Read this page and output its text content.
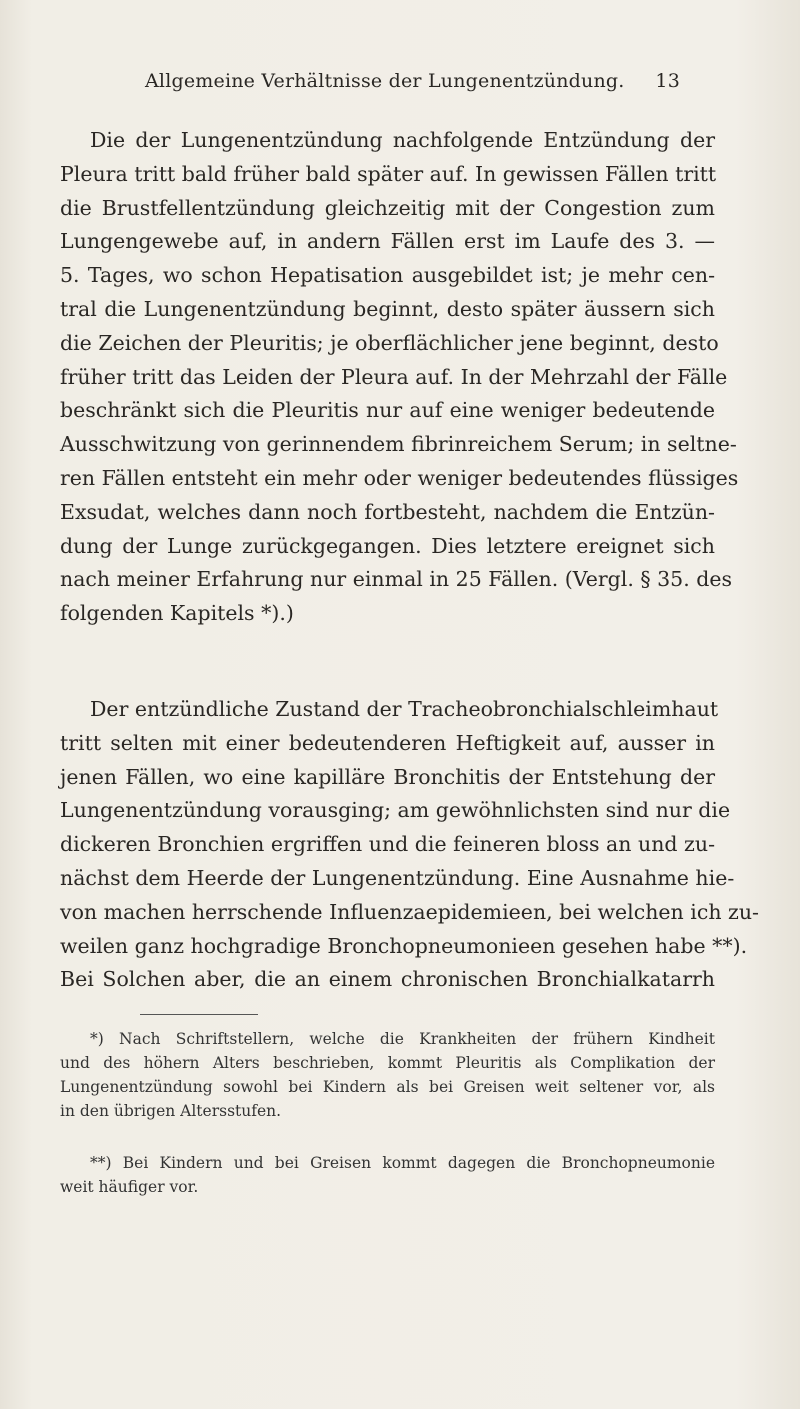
Allgemeine Verhältnisse der Lungenentzündung. 13
Die der Lungenentzündung nachfolgende Entzündung der
Pleura tritt bald früher bald später auf. In gewissen Fällen tritt
die Brustfellentzündung gleichzeitig mit der Congestion zum
Lungengewebe auf, in andern Fällen erst im Laufe des 3. —
5. Tages, wo schon Hepatisation ausgebildet ist; je mehr cen-
tral die Lungenentzündung beginnt, desto später äussern sich
die Zeichen der Pleuritis; je oberflächlicher jene beginnt, desto
früher tritt das Leiden der Pleura auf. In der Mehrzahl der Fälle
beschränkt sich die Pleuritis nur auf eine weniger bedeutende
Ausschwitzung von gerinnendem fibrinreichem Serum; in seltne-
ren Fällen entsteht ein mehr oder weniger bedeutendes flüssiges
Exsudat, welches dann noch fortbesteht, nachdem die Entzün-
dung der Lunge zurückgegangen. Dies letztere ereignet sich
nach meiner Erfahrung nur einmal in 25 Fällen. (Vergl. § 35. des
folgenden Kapitels *).)
Der entzündliche Zustand der Tracheobronchialschleimhaut
tritt selten mit einer bedeutenderen Heftigkeit auf, ausser in
jenen Fällen, wo eine kapilläre Bronchitis der Entstehung der
Lungenentzündung vorausging; am gewöhnlichsten sind nur die
dickeren Bronchien ergriffen und die feineren bloss an und zu-
nächst dem Heerde der Lungenentzündung. Eine Ausnahme hie-
von machen herrschende Influenzaepidemieen, bei welchen ich zu-
weilen ganz hochgradige Bronchopneumonieen gesehen habe **).
Bei Solchen aber, die an einem chronischen Bronchialkatarrh
*) Nach Schriftstellern, welche die Krankheiten der frühern Kindheit
und des höhern Alters beschrieben, kommt Pleuritis als Complikation der
Lungenentzündung sowohl bei Kindern als bei Greisen weit seltener vor, als
in den übrigen Altersstufen.
**) Bei Kindern und bei Greisen kommt dagegen die Bronchopneumonie
weit häufiger vor.
